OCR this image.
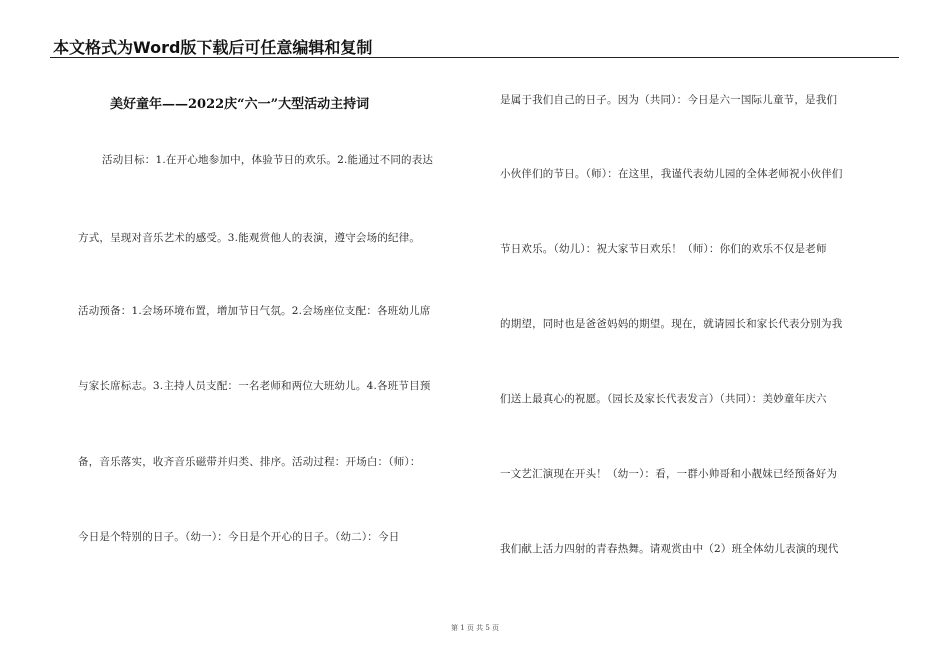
本文格式为Word版下载后可任意编辑和复制
美好童年——2022庆“六一”大型活动主持词
活动目标：1.在开心地参加中，体验节日的欢乐。2.能通过不同的表达
方式，呈现对音乐艺术的感受。3.能观赏他人的表演，遵守会场的纪律。
活动预备：1.会场环境布置，增加节日气氛。2.会场座位支配：各班幼儿席
与家长席标志。3.主持人员支配：一名老师和两位大班幼儿。4.各班节目预
备，音乐落实，收齐音乐磁带并归类、排序。活动过程：开场白：（师）：
今日是个特别的日子。（幼一）：今日是个开心的日子。（幼二）：今日
是属于我们自己的日子。因为（共同）：今日是六一国际儿童节，是我们
小伙伴们的节日。（师）：在这里，我谨代表幼儿园的全体老师祝小伙伴们
节日欢乐。（幼儿）：祝大家节日欢乐！（师）：你们的欢乐不仅是老师
的期望，同时也是爸爸妈妈的期望。现在，就请园长和家长代表分别为我
们送上最真心的祝愿。（园长及家长代表发言）（共同）：美妙童年庆六
一文艺汇演现在开头！（幼一）：看，一群小帅哥和小靓妹已经预备好为
我们献上活力四射的青春热舞。请观赏由中（2）班全体幼儿表演的现代
第 1 页 共 5 页
